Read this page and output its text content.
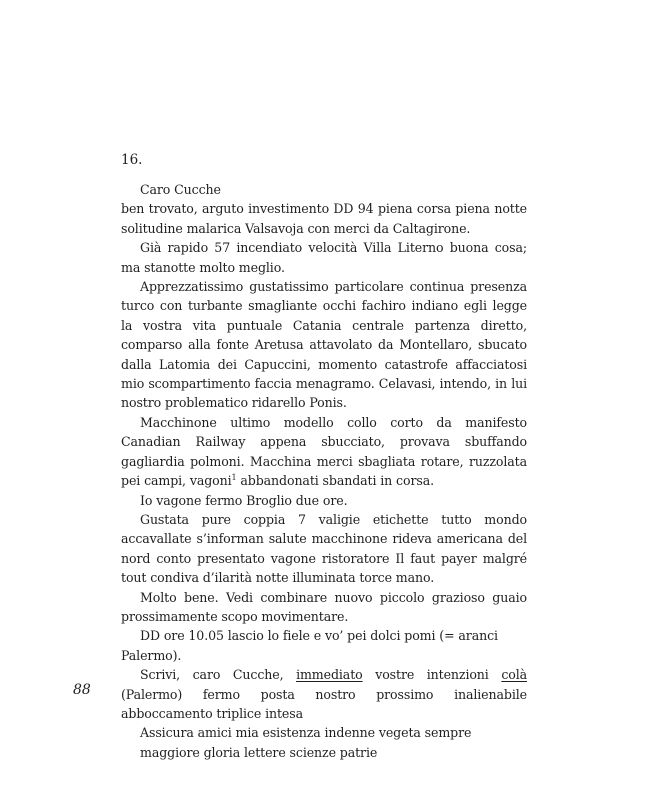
16.

Caro Cucche

ben trovato, arguto investimento DD 94 piena corsa piena notte solitudine malarica Valsavoja con merci da Caltagirone.

Già rapido 57 incendiato velocità Villa Literno buona cosa; ma stanotte molto meglio.

Apprezzatissimo gustatissimo particolare continua presenza turco con turbante smagliante occhi fachiro indiano egli legge la vostra vita puntuale Catania centrale partenza diretto, comparso alla fonte Aretusa attavolato da Montellaro, sbucato dalla Latomia dei Capuccini, momento catastrofe affacciatosi mio scompartimento faccia menagramo. Celavasi, intendo, in lui nostro problematico ridarello Ponis.

Macchinone ultimo modello collo corto da manifesto Canadian Railway appena sbucciato, provava sbuffando gagliardia polmoni. Macchina merci sbagliata rotare, ruzzolata pei campi, vagoni$^1$ abbandonati sbandati in corsa.

Io vagone fermo Broglio due ore.

Gustata pure coppia 7 valigie etichette tutto mondo accavallate s’informan salute macchinone rideva americana del nord conto presentato vagone ristoratore Il faut payer malgré tout condiva d’ilarità notte illuminata torce mano.

Molto bene. Vedi combinare nuovo piccolo grazioso guaio prossimamente scopo movimentare.

DD ore 10.05 lascio lo fiele e vo’ pei dolci pomi (= aranci Palermo).

Scrivi, caro Cucche, immediato vostre intenzioni colà (Palermo) fermo posta nostro prossimo inalienabile abboccamento triplice intesa

Assicura amici mia esistenza indenne vegeta sempre
maggiore gloria lettere scienze patrie

88
